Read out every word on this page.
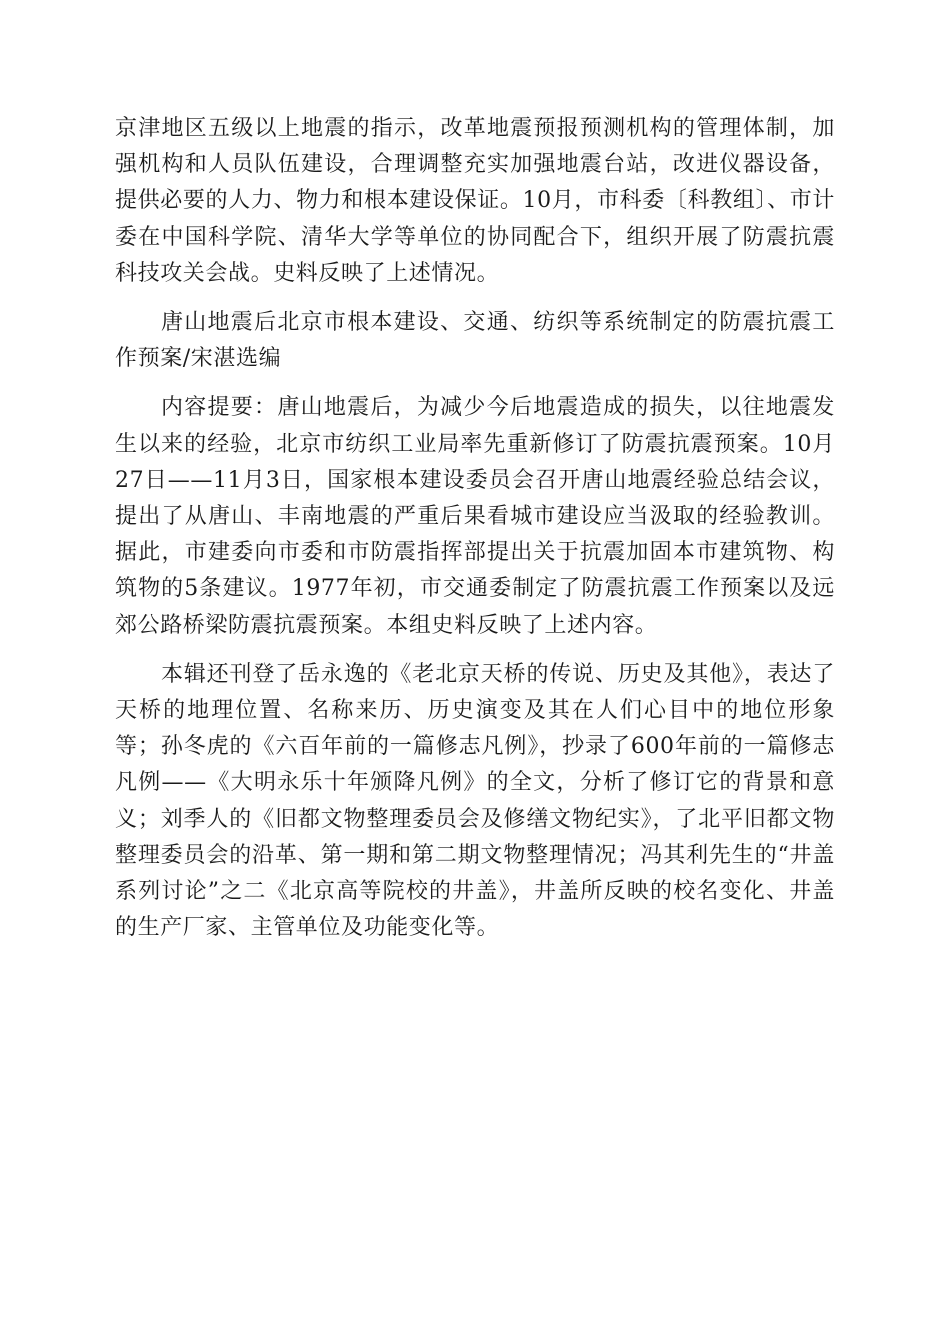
京津地区五级以上地震的指示，改革地震预报预测机构的管理体制，加强机构和人员队伍建设，合理调整充实加强地震台站，改进仪器设备，提供必要的人力、物力和根本建设保证。10月，市科委〔科教组〕、市计委在中国科学院、清华大学等单位的协同配合下，组织开展了防震抗震科技攻关会战。史料反映了上述情况。

唐山地震后北京市根本建设、交通、纺织等系统制定的防震抗震工作预案/宋湛选编

内容提要：唐山地震后，为减少今后地震造成的损失，以往地震发生以来的经验，北京市纺织工业局率先重新修订了防震抗震预案。10月27日——11月3日，国家根本建设委员会召开唐山地震经验总结会议，提出了从唐山、丰南地震的严重后果看城市建设应当汲取的经验教训。据此，市建委向市委和市防震指挥部提出关于抗震加固本市建筑物、构筑物的5条建议。1977年初，市交通委制定了防震抗震工作预案以及远郊公路桥梁防震抗震预案。本组史料反映了上述内容。

本辑还刊登了岳永逸的《老北京天桥的传说、历史及其他》，表达了天桥的地理位置、名称来历、历史演变及其在人们心目中的地位形象等；孙冬虎的《六百年前的一篇修志凡例》，抄录了600年前的一篇修志凡例——《大明永乐十年颁降凡例》的全文，分析了修订它的背景和意义；刘季人的《旧都文物整理委员会及修缮文物纪实》，了北平旧都文物整理委员会的沿革、第一期和第二期文物整理情况；冯其利先生的“井盖系列讨论”之二《北京高等院校的井盖》，井盖所反映的校名变化、井盖的生产厂家、主管单位及功能变化等。
